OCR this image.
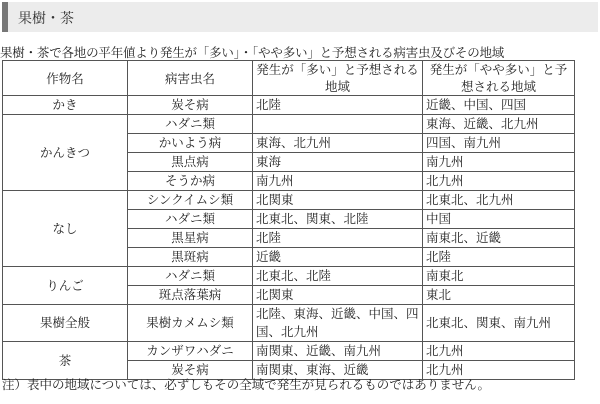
果樹・茶
果樹・茶で各地の平年値より発生が「多い」・「やや多い」と予想される病害虫及びその地域
作物名	病害虫名	発生が「多い」と予想される地域	発生が「やや多い」と予想される地域
かき	炭そ病	北陸	近畿、中国、四国
かんきつ	ハダニ類		東海、近畿、北九州
	かいよう病	東海、北九州	四国、南九州
	黒点病	東海	南九州
	そうか病	南九州	北九州
なし	シンクイムシ類	北関東	北東北、北九州
	ハダニ類	北東北、関東、北陸	中国
	黒星病	北陸	南東北、近畿
	黒斑病	近畿	北陸
りんご	ハダニ類	北東北、北陸	南東北
	斑点落葉病	北関東	東北
果樹全般	果樹カメムシ類	北陸、東海、近畿、中国、四国、北九州	北東北、関東、南九州
茶	カンザワハダニ	南関東、近畿、南九州	北九州
	炭そ病	南関東、東海、近畿	北九州
注）表中の地域については、必ずしもその全域で発生が見られるものではありません。
